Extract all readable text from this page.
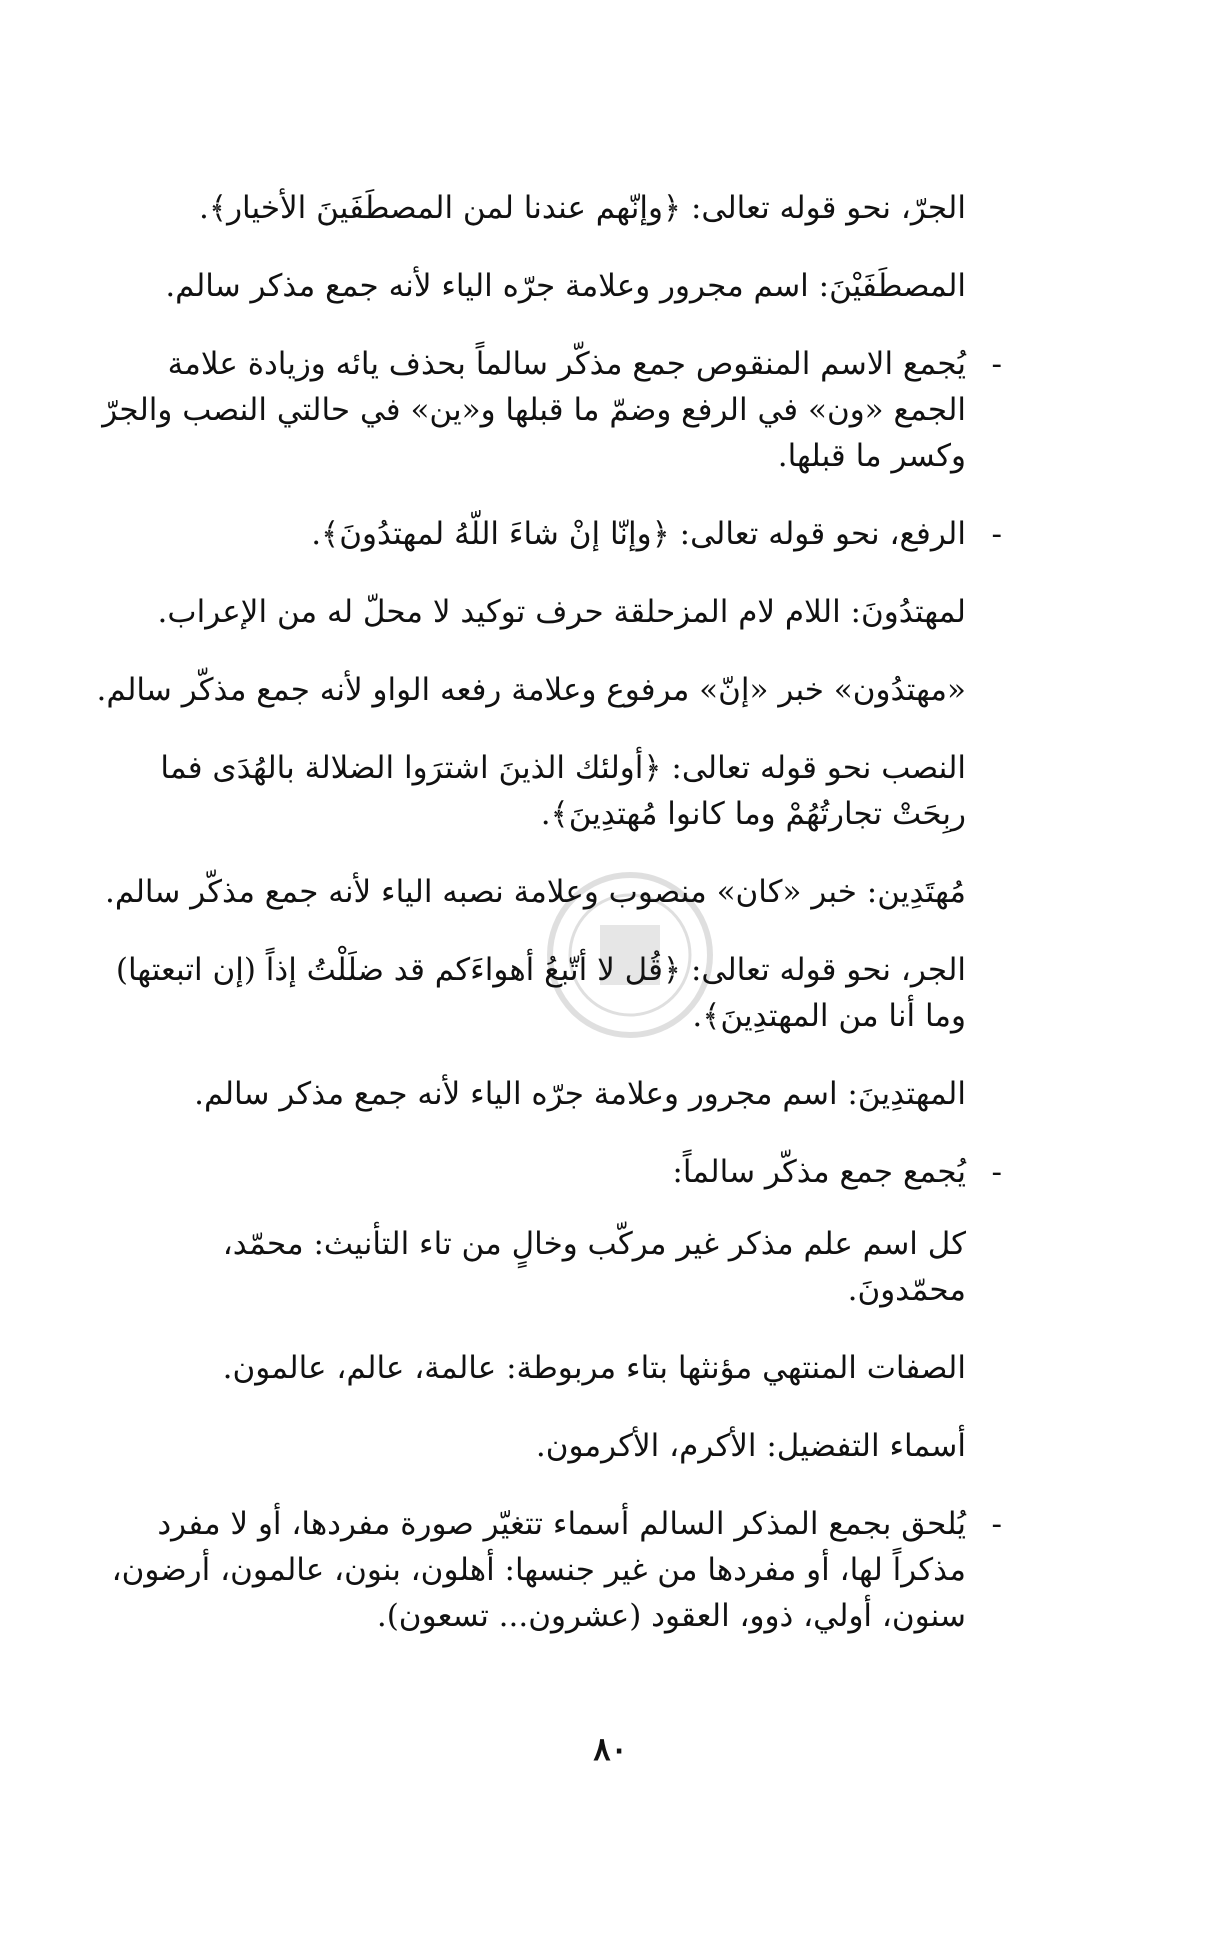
الجرّ، نحو قوله تعالى: ﴿وإنّهم عندنا لمن المصطَفَينَ الأخيار﴾.

المصطَفَيْنَ: اسم مجرور وعلامة جرّه الياء لأنه جمع مذكر سالم.

-
يُجمع الاسم المنقوص جمع مذكّر سالماً بحذف يائه وزيادة علامة الجمع «ون» في الرفع وضمّ ما قبلها و«ين» في حالتي النصب والجرّ وكسر ما قبلها.

-
الرفع، نحو قوله تعالى: ﴿وإنّا إنْ شاءَ اللّهُ لمهتدُونَ﴾.

لمهتدُونَ: اللام لام المزحلقة حرف توكيد لا محلّ له من الإعراب.

«مهتدُون» خبر «إنّ» مرفوع وعلامة رفعه الواو لأنه جمع مذكّر سالم.

النصب نحو قوله تعالى: ﴿أولئك الذينَ اشترَوا الضلالة بالهُدَى فما ربِحَتْ تجارتُهُمْ وما كانوا مُهتدِينَ﴾.

مُهتَدِين: خبر «كان» منصوب وعلامة نصبه الياء لأنه جمع مذكّر سالم.

الجر، نحو قوله تعالى: ﴿قُل لا أتّبعُ أهواءَكم قد ضلَلْتُ إذاً (إن اتبعتها) وما أنا من المهتدِينَ﴾.

المهتدِينَ: اسم مجرور وعلامة جرّه الياء لأنه جمع مذكر سالم.

-
يُجمع جمع مذكّر سالماً:

كل اسم علم مذكر غير مركّب وخالٍ من تاء التأنيث: محمّد، محمّدونَ.

الصفات المنتهي مؤنثها بتاء مربوطة: عالمة، عالم، عالمون.

أسماء التفضيل: الأكرم، الأكرمون.

-
يُلحق بجمع المذكر السالم أسماء تتغيّر صورة مفردها، أو لا مفرد مذكراً لها، أو مفردها من غير جنسها: أهلون، بنون، عالمون، أرضون، سنون، أولي، ذوو، العقود (عشرون... تسعون).

٨٠
